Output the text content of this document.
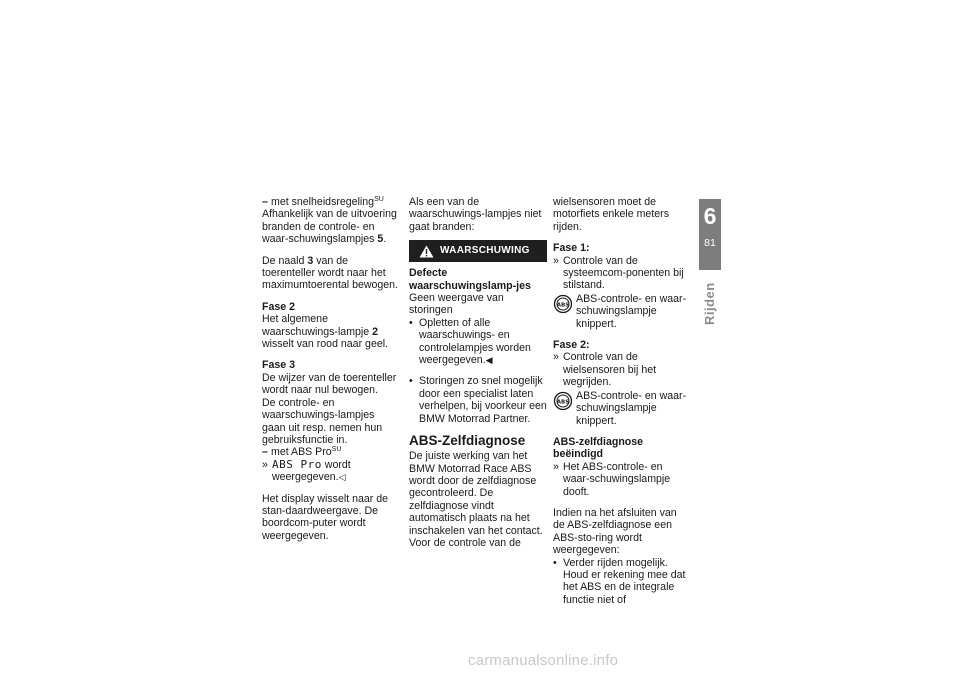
– met snelheidsregeling$^{SU}$

Afhankelijk van de uitvoering branden de controle- en waar-schuwingslampjes 5.

De naald 3 van de toerenteller wordt naar het maximumtoerental bewogen.

Fase 2

Het algemene waarschuwings-lampje 2 wisselt van rood naar geel.

Fase 3

De wijzer van de toerenteller wordt naar nul bewogen.

De controle- en waarschuwings-lampjes gaan uit resp. nemen hun gebruiksfunctie in.

– met ABS Pro$^{SU}$

» ABS Pro wordt weergegeven.◁

Het display wisselt naar de stan-daardweergave. De boordcom-puter wordt weergegeven.

Als een van de waarschuwings-lampjes niet gaat branden:

WAARSCHUWING

Defecte waarschuwingslamp-jes

Geen weergave van storingen

• Opletten of alle waarschuwings- en controlelampjes worden weergegeven.◀

• Storingen zo snel mogelijk door een specialist laten verhelpen, bij voorkeur een BMW Motorrad Partner.

ABS-Zelfdiagnose

De juiste werking van het BMW Motorrad Race ABS wordt door de zelfdiagnose gecontroleerd. De zelfdiagnose vindt automatisch plaats na het inschakelen van het contact. Voor de controle van de

wielsensoren moet de motorfiets enkele meters rijden.

Fase 1:

» Controle van de systeemcom-ponenten bij stilstand.

ABS

ABS-controle- en waar-schuwingslampje knippert.

Fase 2:

» Controle van de wielsensoren bij het wegrijden.

ABS

ABS-controle- en waar-schuwingslampje knippert.

ABS-zelfdiagnose beëindigd

» Het ABS-controle- en waar-schuwingslampje dooft.

Indien na het afsluiten van de ABS-zelfdiagnose een ABS-sto-ring wordt weergegeven:

• Verder rijden mogelijk. Houd er rekening mee dat het ABS en de integrale functie niet of

6
81
Rijden
carmanualsonline.info
